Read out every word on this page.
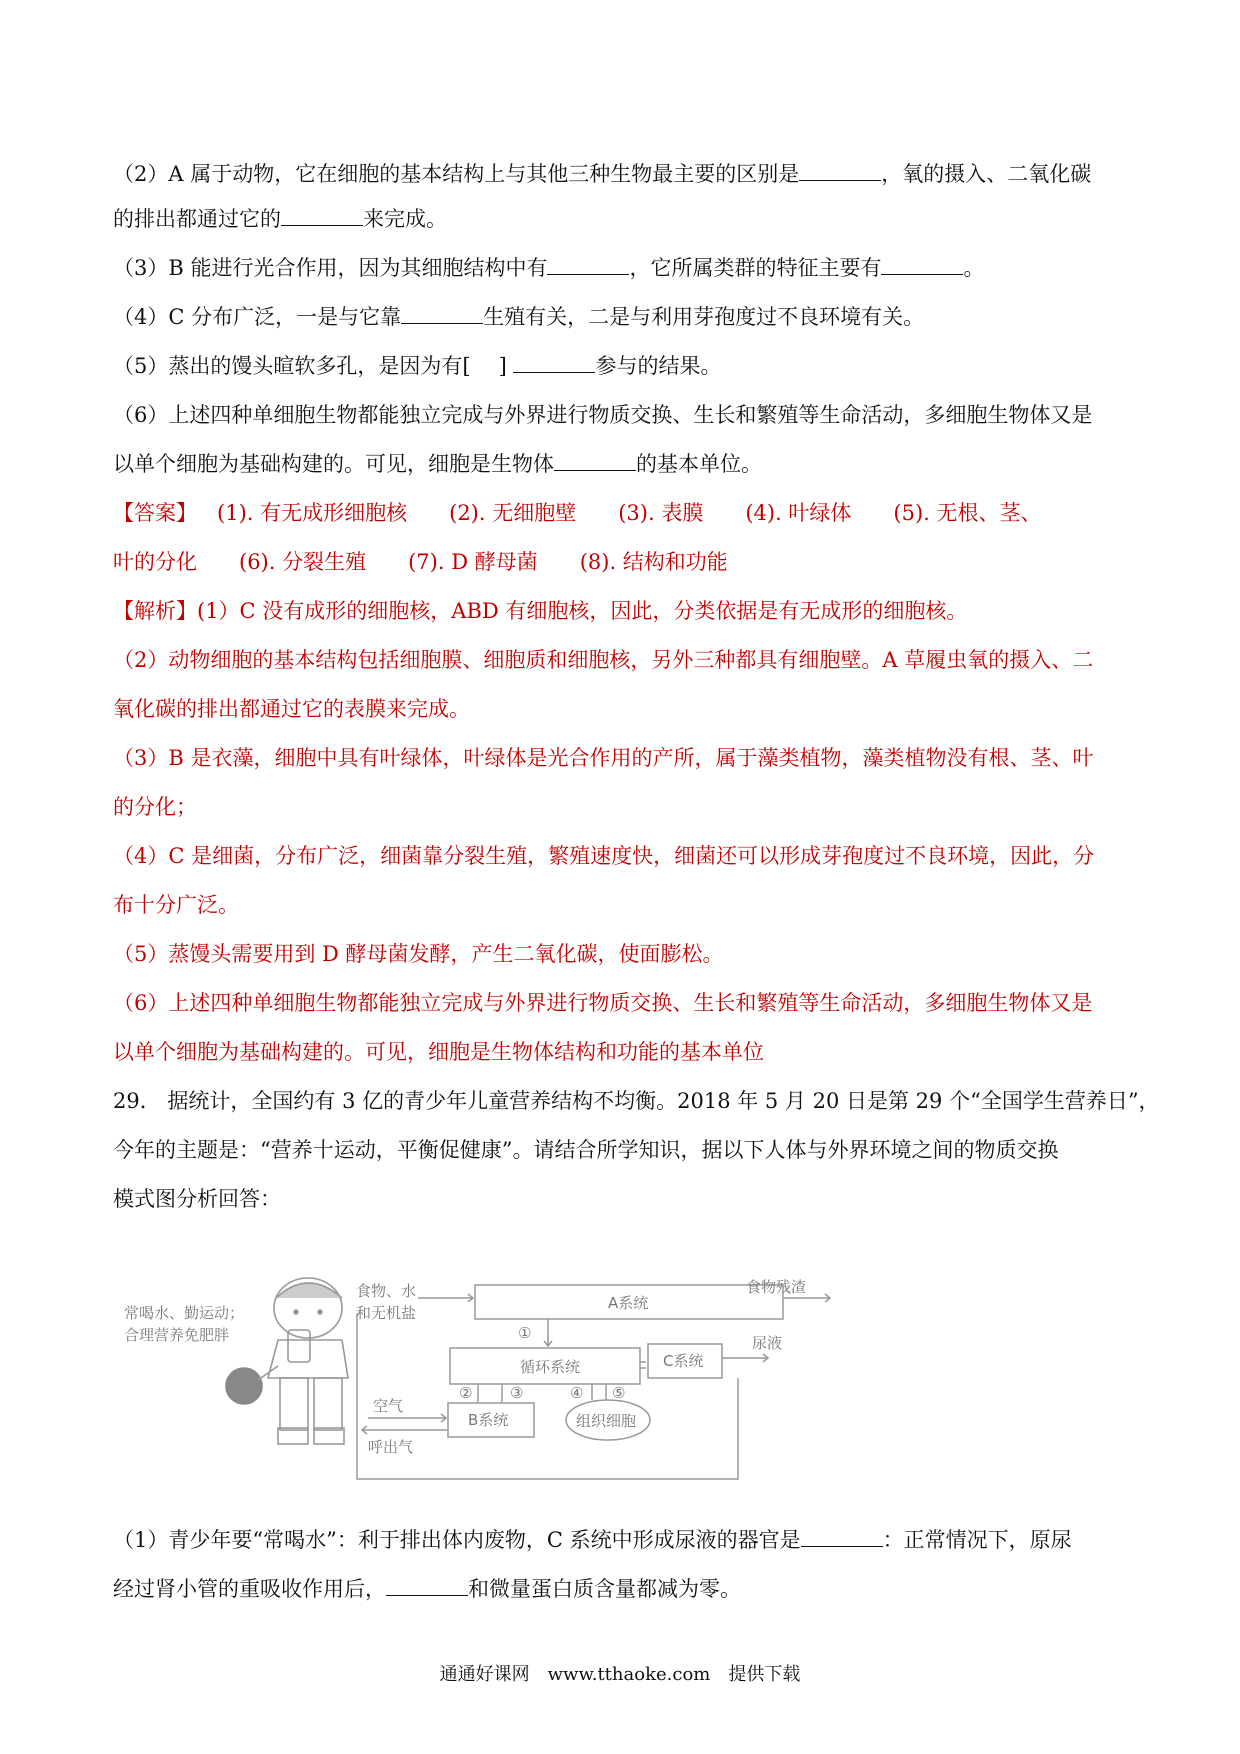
（2）A 属于动物，它在细胞的基本结构上与其他三种生物最主要的区别是	，氧的摄入、二氧化碳
的排出都通过它的	来完成。
（3）B 能进行光合作用，因为其细胞结构中有	，它所属类群的特征主要有	。
（4）C 分布广泛，一是与它靠	生殖有关，二是与利用芽孢度过不良环境有关。
（5）蒸出的馒头暄软多孔，是因为有[ ]	参与的结果。
（6）上述四种单细胞生物都能独立完成与外界进行物质交换、生长和繁殖等生命活动，多细胞生物体又是
以单个细胞为基础构建的。可见，细胞是生物体	的基本单位。
【答案】 (1). 有无成形细胞核　　(2). 无细胞壁　　(3). 表膜　　(4). 叶绿体　　(5). 无根、茎、
叶的分化　　(6). 分裂生殖　　(7). D 酵母菌　　(8). 结构和功能
【解析】(1）C 没有成形的细胞核，ABD 有细胞核，因此，分类依据是有无成形的细胞核。
（2）动物细胞的基本结构包括细胞膜、细胞质和细胞核，另外三种都具有细胞壁。A 草履虫氧的摄入、二
氧化碳的排出都通过它的表膜来完成。
（3）B 是衣藻，细胞中具有叶绿体，叶绿体是光合作用的产所，属于藻类植物，藻类植物没有根、茎、叶
的分化；
（4）C 是细菌，分布广泛，细菌靠分裂生殖，繁殖速度快，细菌还可以形成芽孢度过不良环境，因此，分
布十分广泛。
（5）蒸馒头需要用到 D 酵母菌发酵，产生二氧化碳，使面膨松。
（6）上述四种单细胞生物都能独立完成与外界进行物质交换、生长和繁殖等生命活动，多细胞生物体又是
以单个细胞为基础构建的。可见，细胞是生物体结构和功能的基本单位
29． 据统计，全国约有 3 亿的青少年儿童营养结构不均衡。2018 年 5 月 20 日是第 29 个“全国学生营养日”，
今年的主题是：“营养十运动，平衡促健康”。请结合所学知识，据以下人体与外界环境之间的物质交换
模式图分析回答：
常喝水、勤运动；
合理营养免肥胖
食物、水
和无机盐
A系统
食物残渣
①
循环系统	C系统
尿液
②	③	④ ⑤
空气
呼出气
B系统	组织细胞
（1）青少年要“常喝水”：利于排出体内废物，C 系统中形成尿液的器官是	：正常情况下，原尿
经过肾小管的重吸收作用后，	和微量蛋白质含量都减为零。
通通好课网　www.tthaoke.com　提供下载
